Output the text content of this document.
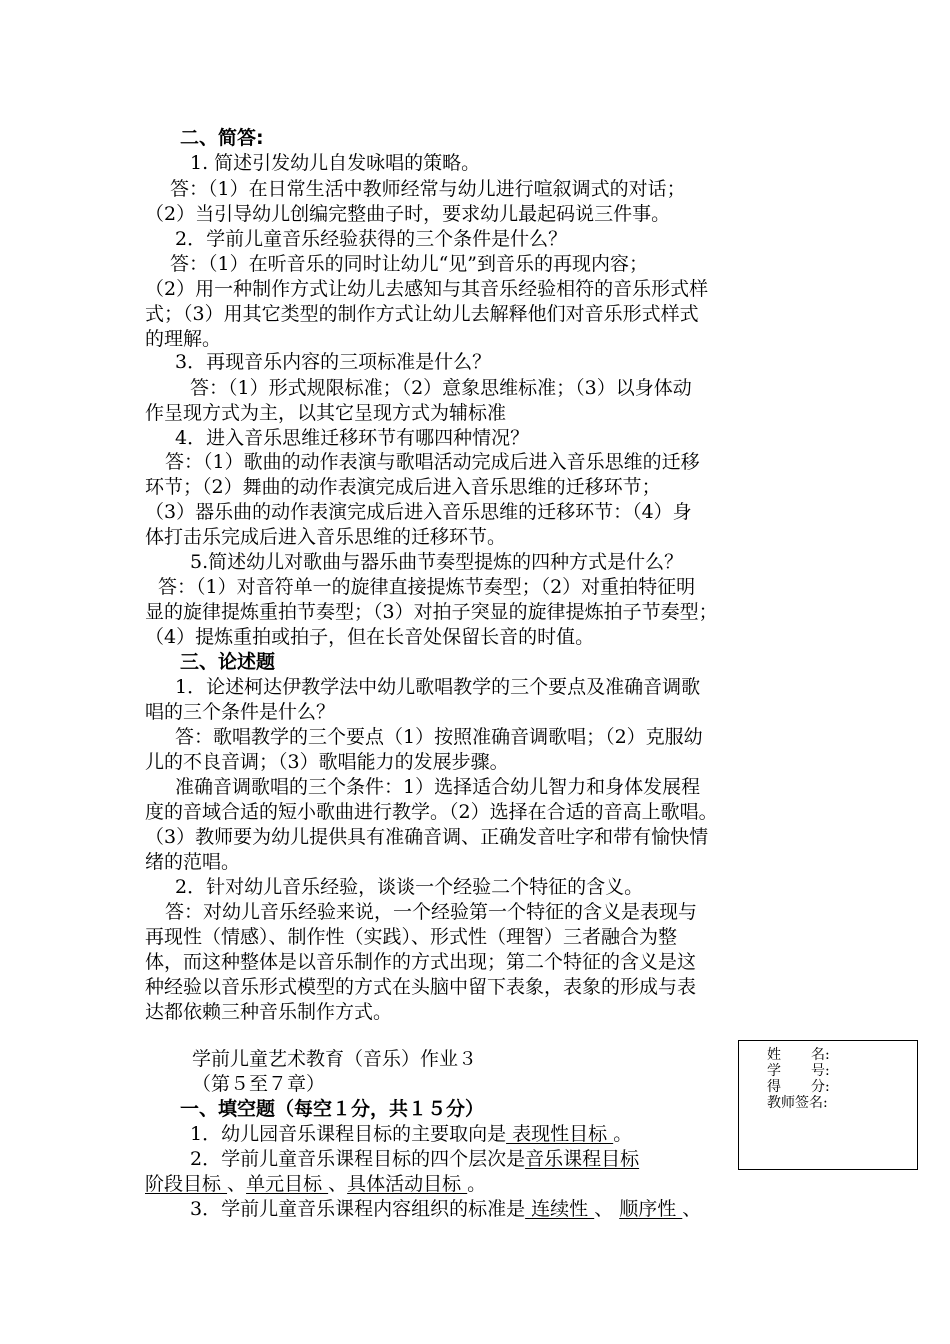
二、简答:
1. 简述引发幼儿自发咏唱的策略。
答：（1）在日常生活中教师经常与幼儿进行喧叙调式的对话；
（2）当引导幼儿创编完整曲子时，要求幼儿最起码说三件事。
2．学前儿童音乐经验获得的三个条件是什么？
答：（1）在听音乐的同时让幼儿“见”到音乐的再现内容；
（2）用一种制作方式让幼儿去感知与其音乐经验相符的音乐形式样
式；（3）用其它类型的制作方式让幼儿去解释他们对音乐形式样式
的理解。
3．再现音乐内容的三项标准是什么？
答：（1）形式规限标准；（2）意象思维标准；（3）以身体动
作呈现方式为主，以其它呈现方式为辅标准
4．进入音乐思维迁移环节有哪四种情况？
答：（1）歌曲的动作表演与歌唱活动完成后进入音乐思维的迁移
环节；（2）舞曲的动作表演完成后进入音乐思维的迁移环节；
（3）器乐曲的动作表演完成后进入音乐思维的迁移环节：（4）身
体打击乐完成后进入音乐思维的迁移环节。
5.简述幼儿对歌曲与器乐曲节奏型提炼的四种方式是什么？
答：（1）对音符单一的旋律直接提炼节奏型；（2）对重拍特征明
显的旋律提炼重拍节奏型；（3）对拍子突显的旋律提炼拍子节奏型；
（4）提炼重拍或拍子，但在长音处保留长音的时值。
三、论述题
1．论述柯达伊教学法中幼儿歌唱教学的三个要点及准确音调歌
唱的三个条件是什么？
答：歌唱教学的三个要点（1）按照准确音调歌唱；（2）克服幼
儿的不良音调；（3）歌唱能力的发展步骤。
准确音调歌唱的三个条件：1）选择适合幼儿智力和身体发展程
度的音域合适的短小歌曲进行教学。（2）选择在合适的音高上歌唱。
（3）教师要为幼儿提供具有准确音调、正确发音吐字和带有愉快情
绪的范唱。
2．针对幼儿音乐经验，谈谈一个经验二个特征的含义。
答：对幼儿音乐经验来说，一个经验第一个特征的含义是表现与
再现性（情感）、制作性（实践）、形式性（理智）三者融合为整
体，而这种整体是以音乐制作的方式出现；第二个特征的含义是这
种经验以音乐形式模型的方式在头脑中留下表象，表象的形成与表
达都依赖三种音乐制作方式。
学前儿童艺术教育（音乐）作业３
（第５至７章）
一、填空题（每空１分，共１５分）
1．幼儿园音乐课程目标的主要取向是 表现性目标 。
2．学前儿童音乐课程目标的四个层次是音乐课程目标
阶段目标 、单元目标 、具体活动目标 。
3．学前儿童音乐课程内容组织的标准是 连续性 、 顺序性 、
姓 名:
学 号:
得 分:
教师签名:
